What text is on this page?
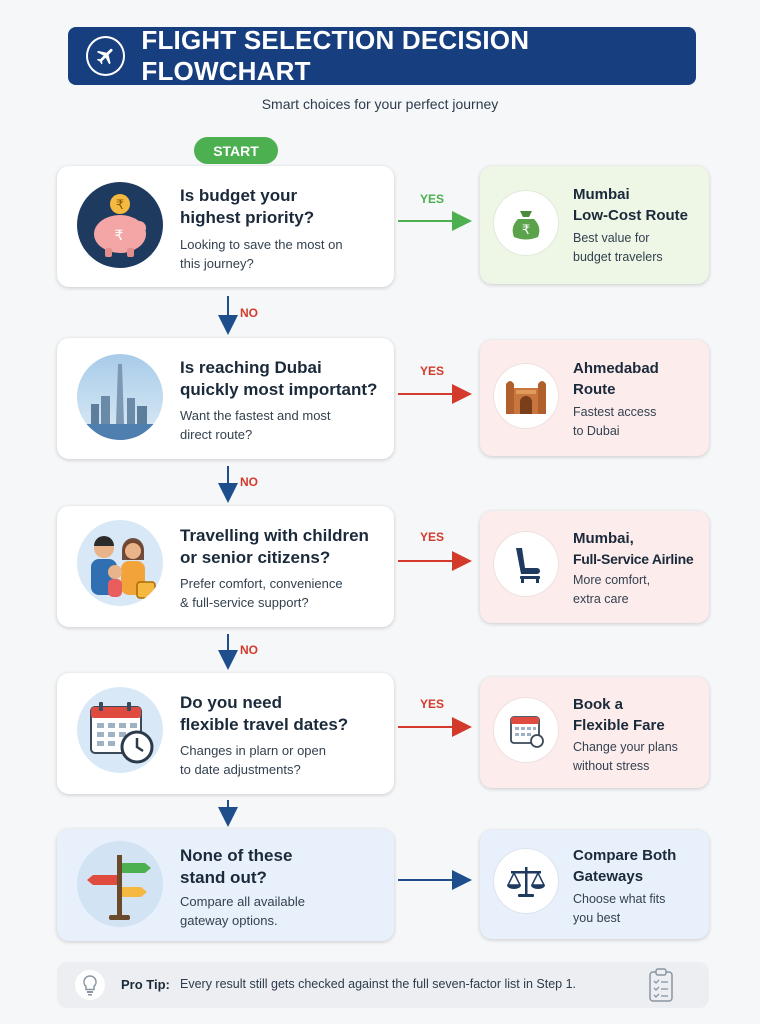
FLIGHT SELECTION DECISION FLOWCHART
Smart choices for your perfect journey
START
YES
YES
YES
YES
NO
NO
NO
₹
₹
Is budget your
highest priority?
Looking to save the most on
this journey?
Is reaching Dubai
quickly most important?
Want the fastest and most
direct route?
Travelling with children
or senior citizens?
Prefer comfort, convenience
& full-service support?
Do you need
flexible travel dates?
Changes in plarn or open
to date adjustments?
None of these
stand out?
Compare all available
gateway options.
₹
Mumbai
Low-Cost Route
Best value for
budget travelers
Ahmedabad
Route
Fastest access
to Dubai
Mumbai,
Full-Service Airline
More comfort,
extra care
Book a
Flexible Fare
Change your plans
without stress
Compare Both
Gateways
Choose what fits
you best
Pro Tip: Every result still gets checked against the full seven-factor list in Step 1.
